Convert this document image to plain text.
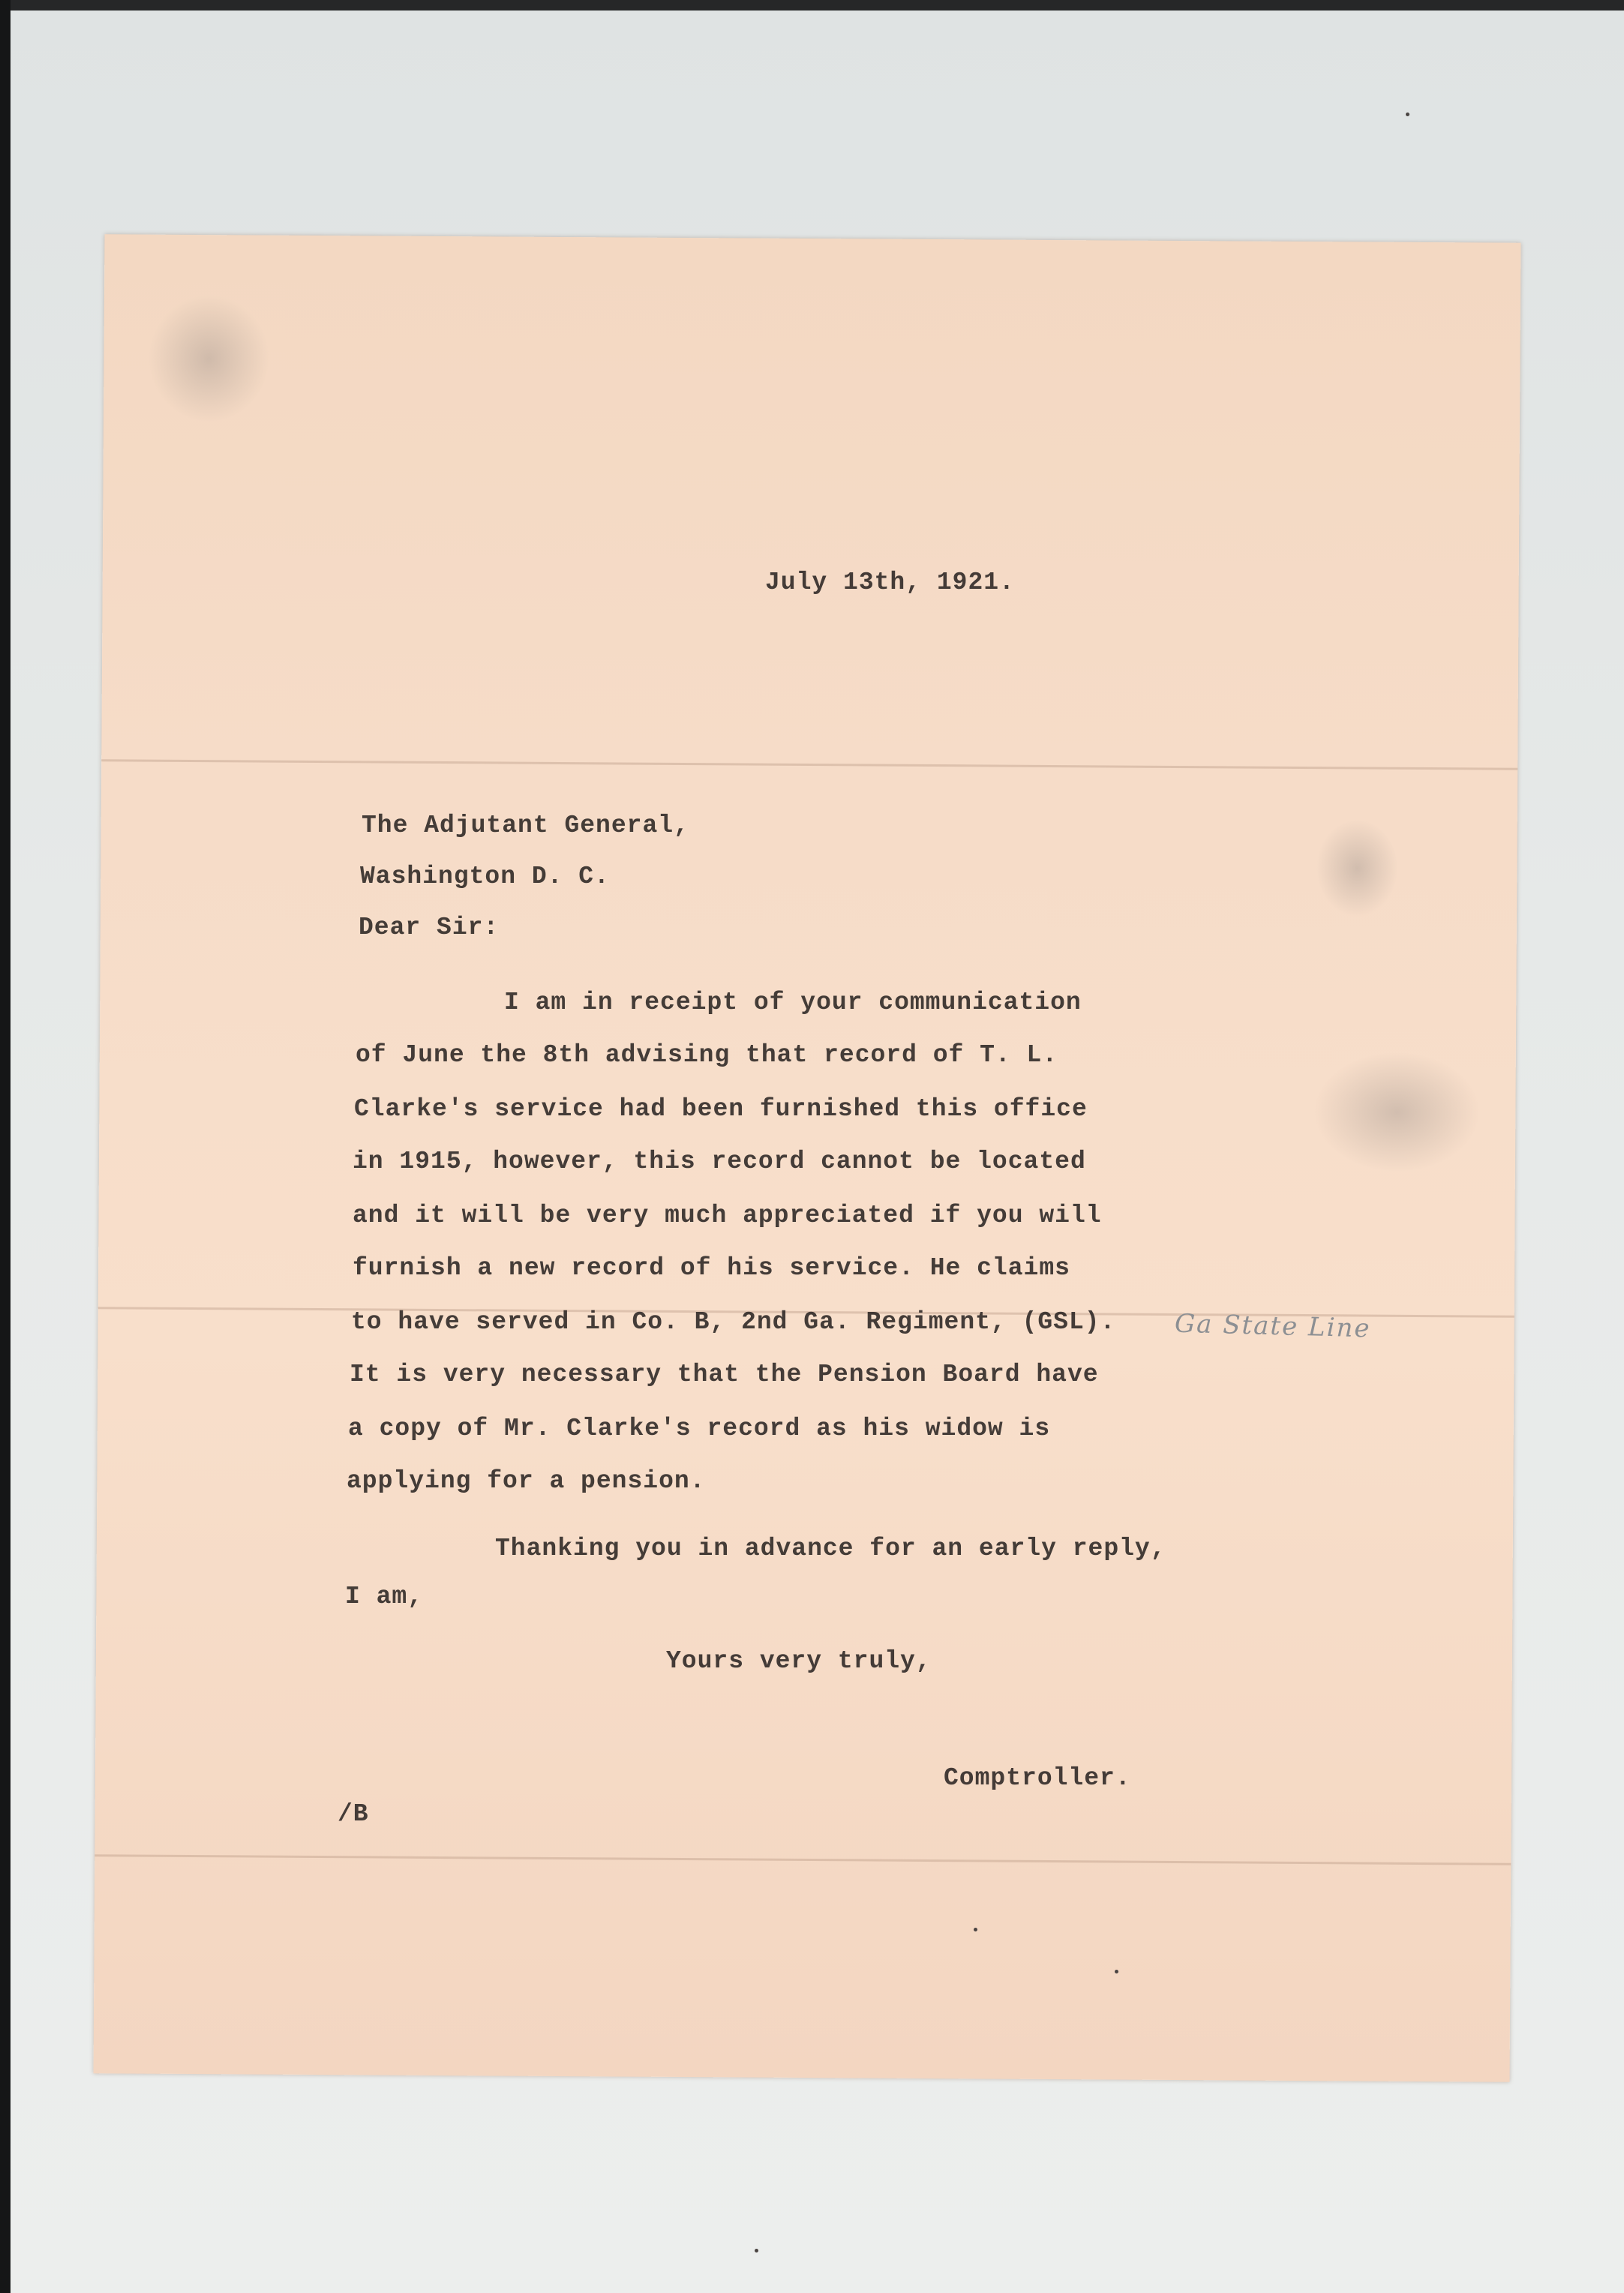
July 13th, 1921.
The Adjutant General,
Washington D. C.
Dear Sir:
I am in receipt of your communication
of June the 8th advising that record of T. L.
Clarke's service had been furnished this office
in 1915, however, this record cannot be located
and it will be very much appreciated if you will
furnish a new record of his service. He claims
to have served in Co. B, 2nd Ga. Regiment, (GSL).
It is very necessary that the Pension Board have
a copy of Mr. Clarke's record as his widow is
applying for a pension.
Thanking you in advance for an early reply,
I am,
Ga State Line
Yours very truly,
Comptroller.
/B
